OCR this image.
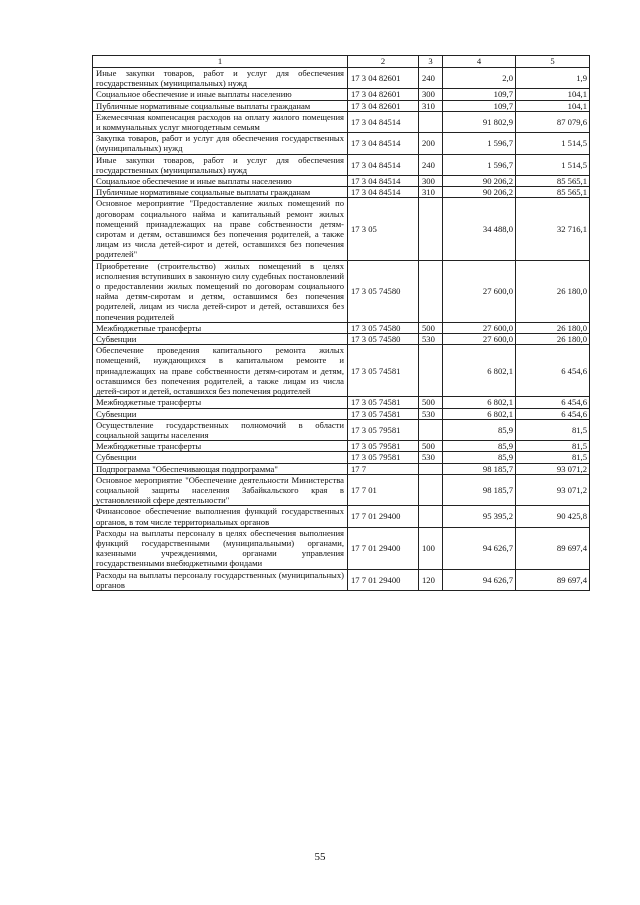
1	2	3	4	5
Иные закупки товаров, работ и услуг для обеспечения государственных (муниципальных) нужд	17 3 04 82601	240	2,0	1,9
Социальное обеспечение и иные выплаты населению	17 3 04 82601	300	109,7	104,1
Публичные нормативные социальные выплаты гражданам	17 3 04 82601	310	109,7	104,1
Ежемесячная компенсация расходов на оплату жилого помещения и коммунальных услуг многодетным семьям	17 3 04 84514		91 802,9	87 079,6
Закупка товаров, работ и услуг для обеспечения государственных (муниципальных) нужд	17 3 04 84514	200	1 596,7	1 514,5
Иные закупки товаров, работ и услуг для обеспечения государственных (муниципальных) нужд	17 3 04 84514	240	1 596,7	1 514,5
Социальное обеспечение и иные выплаты населению	17 3 04 84514	300	90 206,2	85 565,1
Публичные нормативные социальные выплаты гражданам	17 3 04 84514	310	90 206,2	85 565,1
Основное мероприятие "Предоставление жилых помещений по договорам социального найма и капитальный ремонт жилых помещений принадлежащих на праве собственности детям-сиротам и детям, оставшимся без попечения родителей, а также лицам из числа детей-сирот и детей, оставшихся без попечения родителей"	17 3 05		34 488,0	32 716,1
Приобретение (строительство) жилых помещений в целях исполнения вступивших в законную силу судебных постановлений о предоставлении жилых помещений по договорам социального найма детям-сиротам и детям, оставшимся без попечения родителей, лицам из числа детей-сирот и детей, оставшихся без попечения родителей	17 3 05 74580		27 600,0	26 180,0
Межбюджетные трансферты	17 3 05 74580	500	27 600,0	26 180,0
Субвенции	17 3 05 74580	530	27 600,0	26 180,0
Обеспечение проведения капитального ремонта жилых помещений, нуждающихся в капитальном ремонте и принадлежащих на праве собственности детям-сиротам и детям, оставшимся без попечения родителей, а также лицам из числа детей-сирот и детей, оставшихся без попечения родителей	17 3 05 74581		6 802,1	6 454,6
Межбюджетные трансферты	17 3 05 74581	500	6 802,1	6 454,6
Субвенции	17 3 05 74581	530	6 802,1	6 454,6
Осуществление государственных полномочий в области социальной защиты населения	17 3 05 79581		85,9	81,5
Межбюджетные трансферты	17 3 05 79581	500	85,9	81,5
Субвенции	17 3 05 79581	530	85,9	81,5
Подпрограмма "Обеспечивающая подпрограмма"	17 7		98 185,7	93 071,2
Основное мероприятие "Обеспечение деятельности Министерства социальной защиты населения Забайкальского края в установленной сфере деятельности"	17 7 01		98 185,7	93 071,2
Финансовое обеспечение выполнения функций государственных органов, в том числе территориальных органов	17 7 01 29400		95 395,2	90 425,8
Расходы на выплаты персоналу в целях обеспечения выполнения функций государственными (муниципальными) органами, казенными учреждениями, органами управления государственными внебюджетными фондами	17 7 01 29400	100	94 626,7	89 697,4
Расходы на выплаты персоналу государственных (муниципальных) органов	17 7 01 29400	120	94 626,7	89 697,4
55
